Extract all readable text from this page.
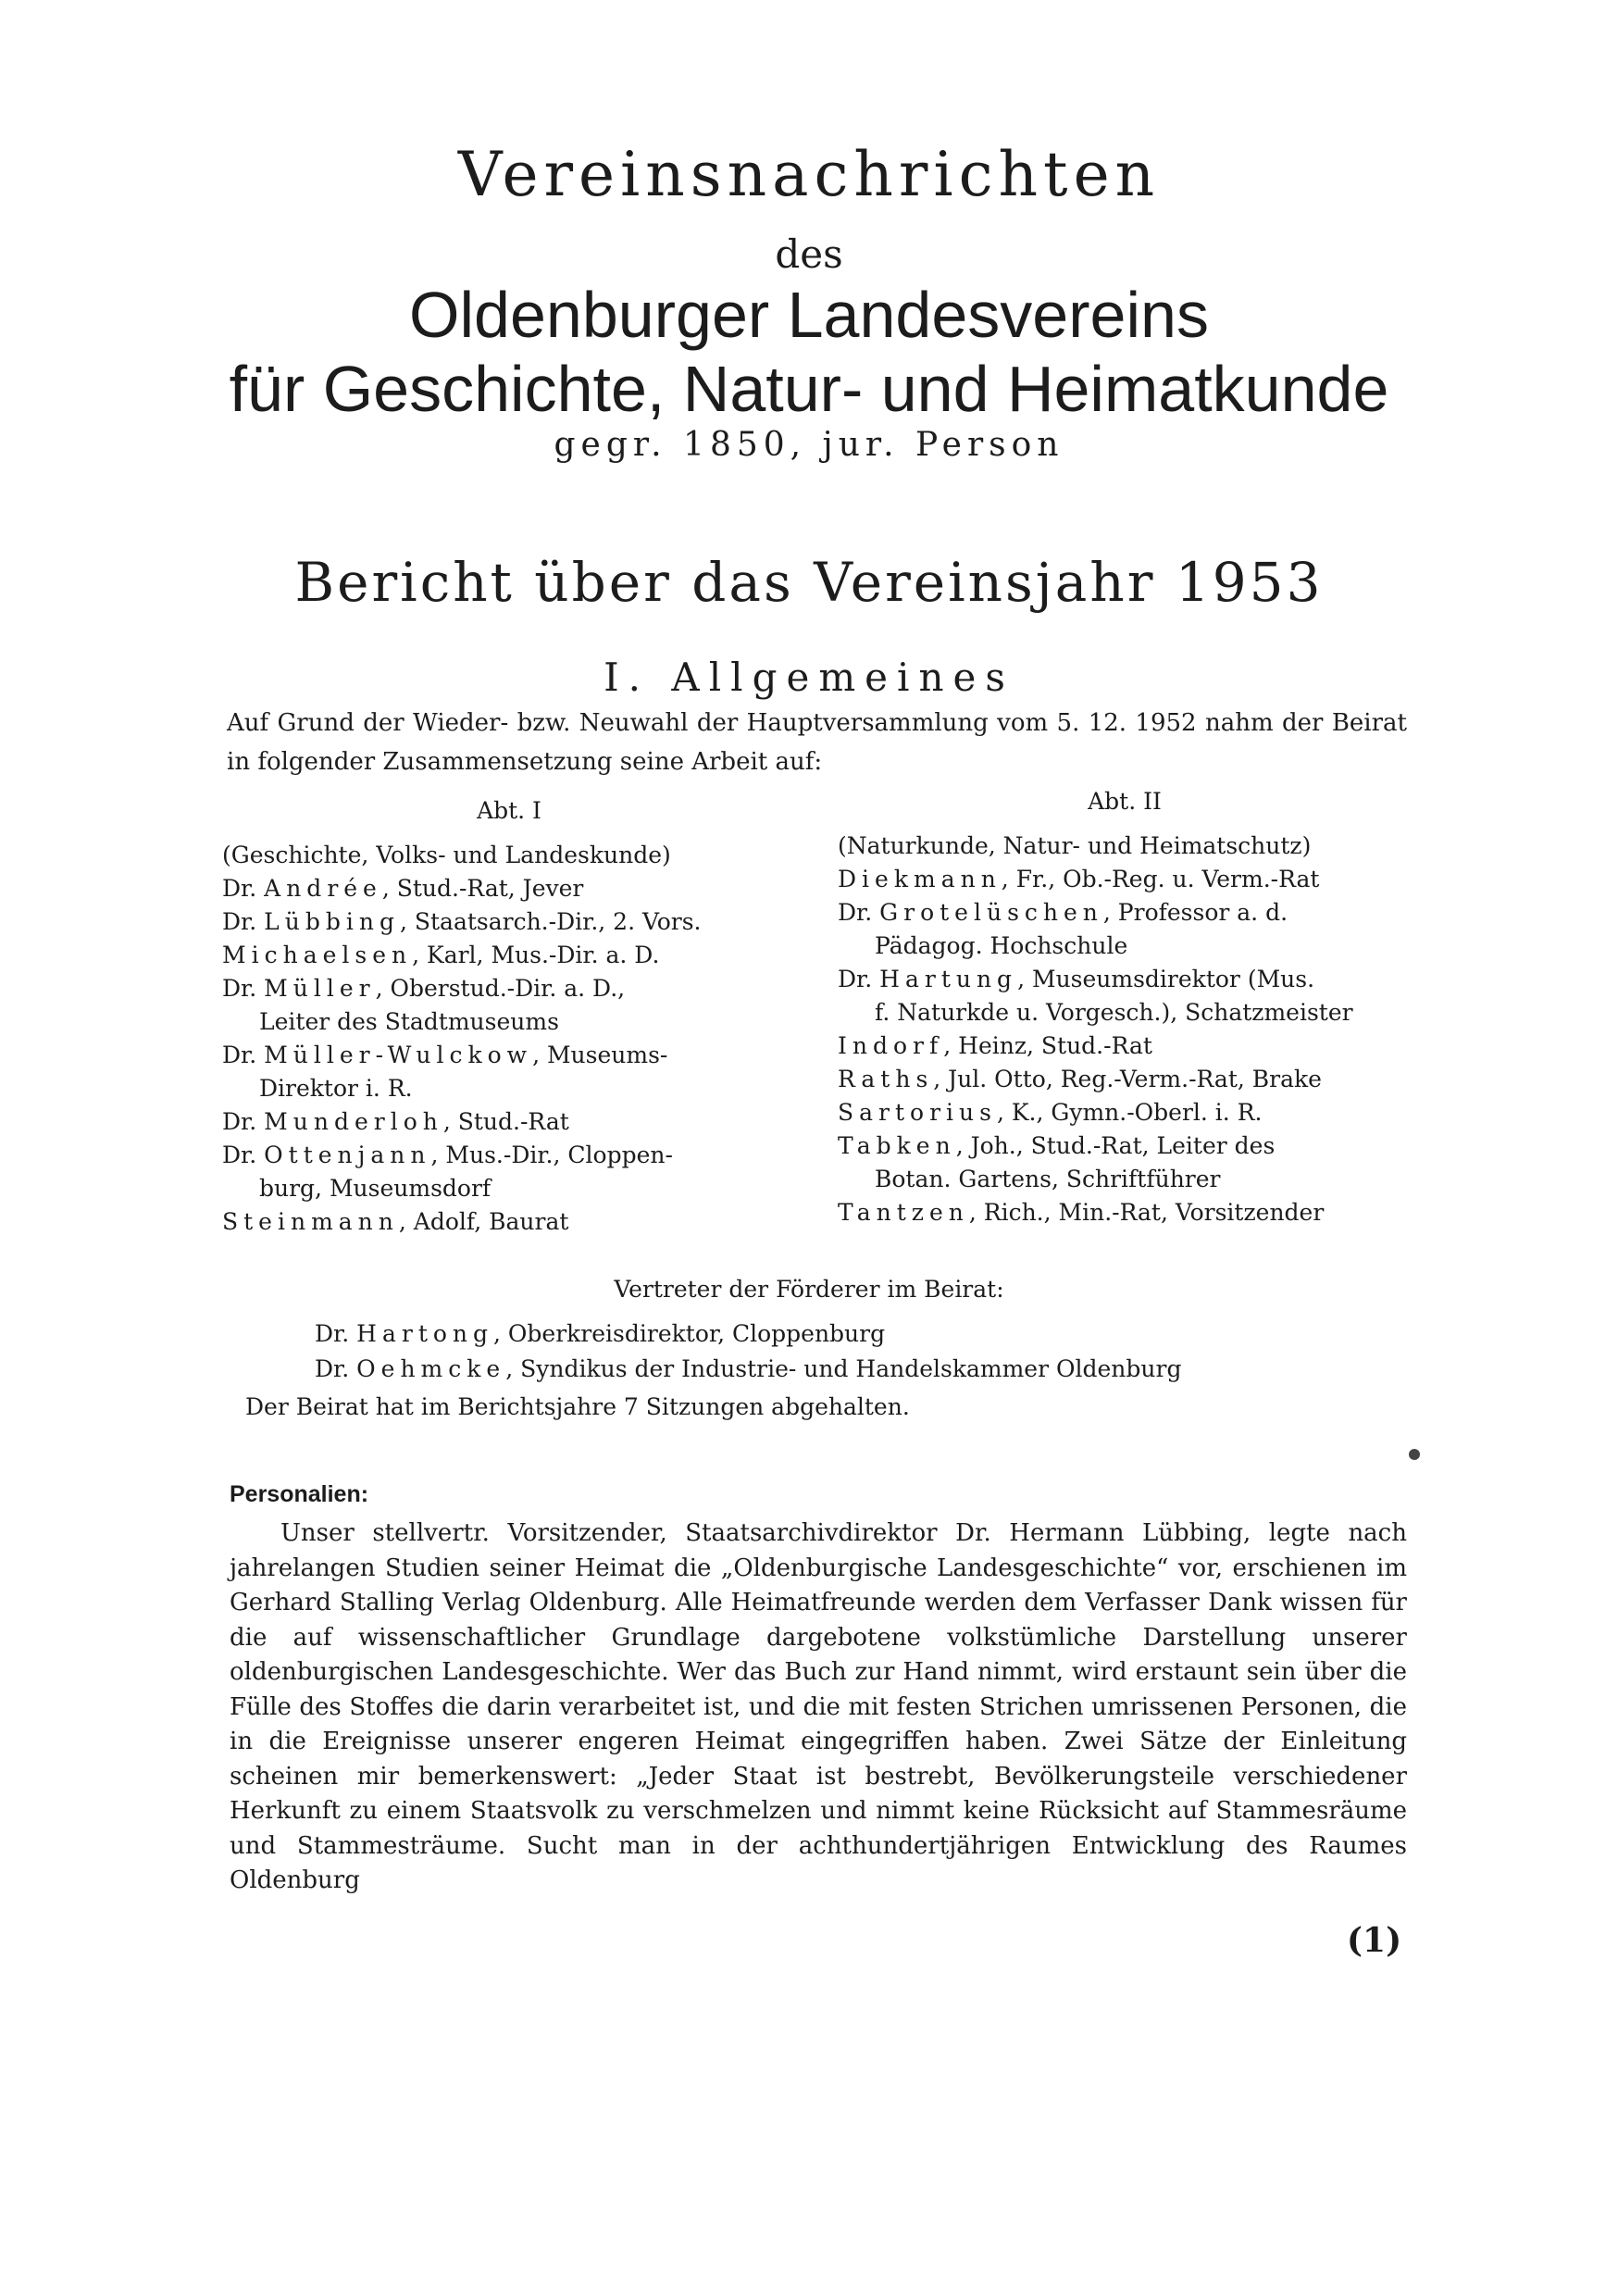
Vereinsnachrichten
des
Oldenburger Landesvereins
für Geschichte, Natur- und Heimatkunde
gegr. 1850, jur. Person
Bericht über das Vereinsjahr 1953
I. Allgemeines
Auf Grund der Wieder- bzw. Neuwahl der Hauptversammlung vom 5. 12. 1952 nahm der Beirat in folgender Zusammensetzung seine Arbeit auf:
Abt. I
(Geschichte, Volks- und Landeskunde)
Dr. Andrée, Stud.-Rat, Jever
Dr. Lübbing, Staatsarch.-Dir., 2. Vors.
Michaelsen, Karl, Mus.-Dir. a. D.
Dr. Müller, Oberstud.-Dir. a. D.,
Leiter des Stadtmuseums
Dr. Müller-Wulckow, Museums-
Direktor i. R.
Dr. Munderloh, Stud.-Rat
Dr. Ottenjann, Mus.-Dir., Cloppen-
burg, Museumsdorf
Steinmann, Adolf, Baurat
Abt. II
(Naturkunde, Natur- und Heimatschutz)
Diekmann, Fr., Ob.-Reg. u. Verm.-Rat
Dr. Grotelüschen, Professor a. d.
Pädagog. Hochschule
Dr. Hartung, Museumsdirektor (Mus.
f. Naturkde u. Vorgesch.), Schatzmeister
Indorf, Heinz, Stud.-Rat
Raths, Jul. Otto, Reg.-Verm.-Rat, Brake
Sartorius, K., Gymn.-Oberl. i. R.
Tabken, Joh., Stud.-Rat, Leiter des
Botan. Gartens, Schriftführer
Tantzen, Rich., Min.-Rat, Vorsitzender
Vertreter der Förderer im Beirat:
Dr. Hartong, Oberkreisdirektor, Cloppenburg
Dr. Oehmcke, Syndikus der Industrie- und Handelskammer Oldenburg
Der Beirat hat im Berichtsjahre 7 Sitzungen abgehalten.
Personalien:
Unser stellvertr. Vorsitzender, Staatsarchivdirektor Dr. Hermann Lübbing, legte nach jahrelangen Studien seiner Heimat die „Oldenburgische Landesgeschichte“ vor, erschienen im Gerhard Stalling Verlag Oldenburg. Alle Heimatfreunde werden dem Verfasser Dank wissen für die auf wissenschaftlicher Grundlage dargebotene volkstümliche Darstellung unserer oldenburgischen Landesgeschichte. Wer das Buch zur Hand nimmt, wird erstaunt sein über die Fülle des Stoffes die darin verarbeitet ist, und die mit festen Strichen umrissenen Personen, die in die Ereignisse unserer engeren Heimat eingegriffen haben. Zwei Sätze der Einleitung scheinen mir bemerkenswert: „Jeder Staat ist bestrebt, Bevölkerungsteile verschiedener Herkunft zu einem Staatsvolk zu verschmelzen und nimmt keine Rücksicht auf Stammesräume und Stammesträume. Sucht man in der achthundertjährigen Entwicklung des Raumes Oldenburg
(1)
